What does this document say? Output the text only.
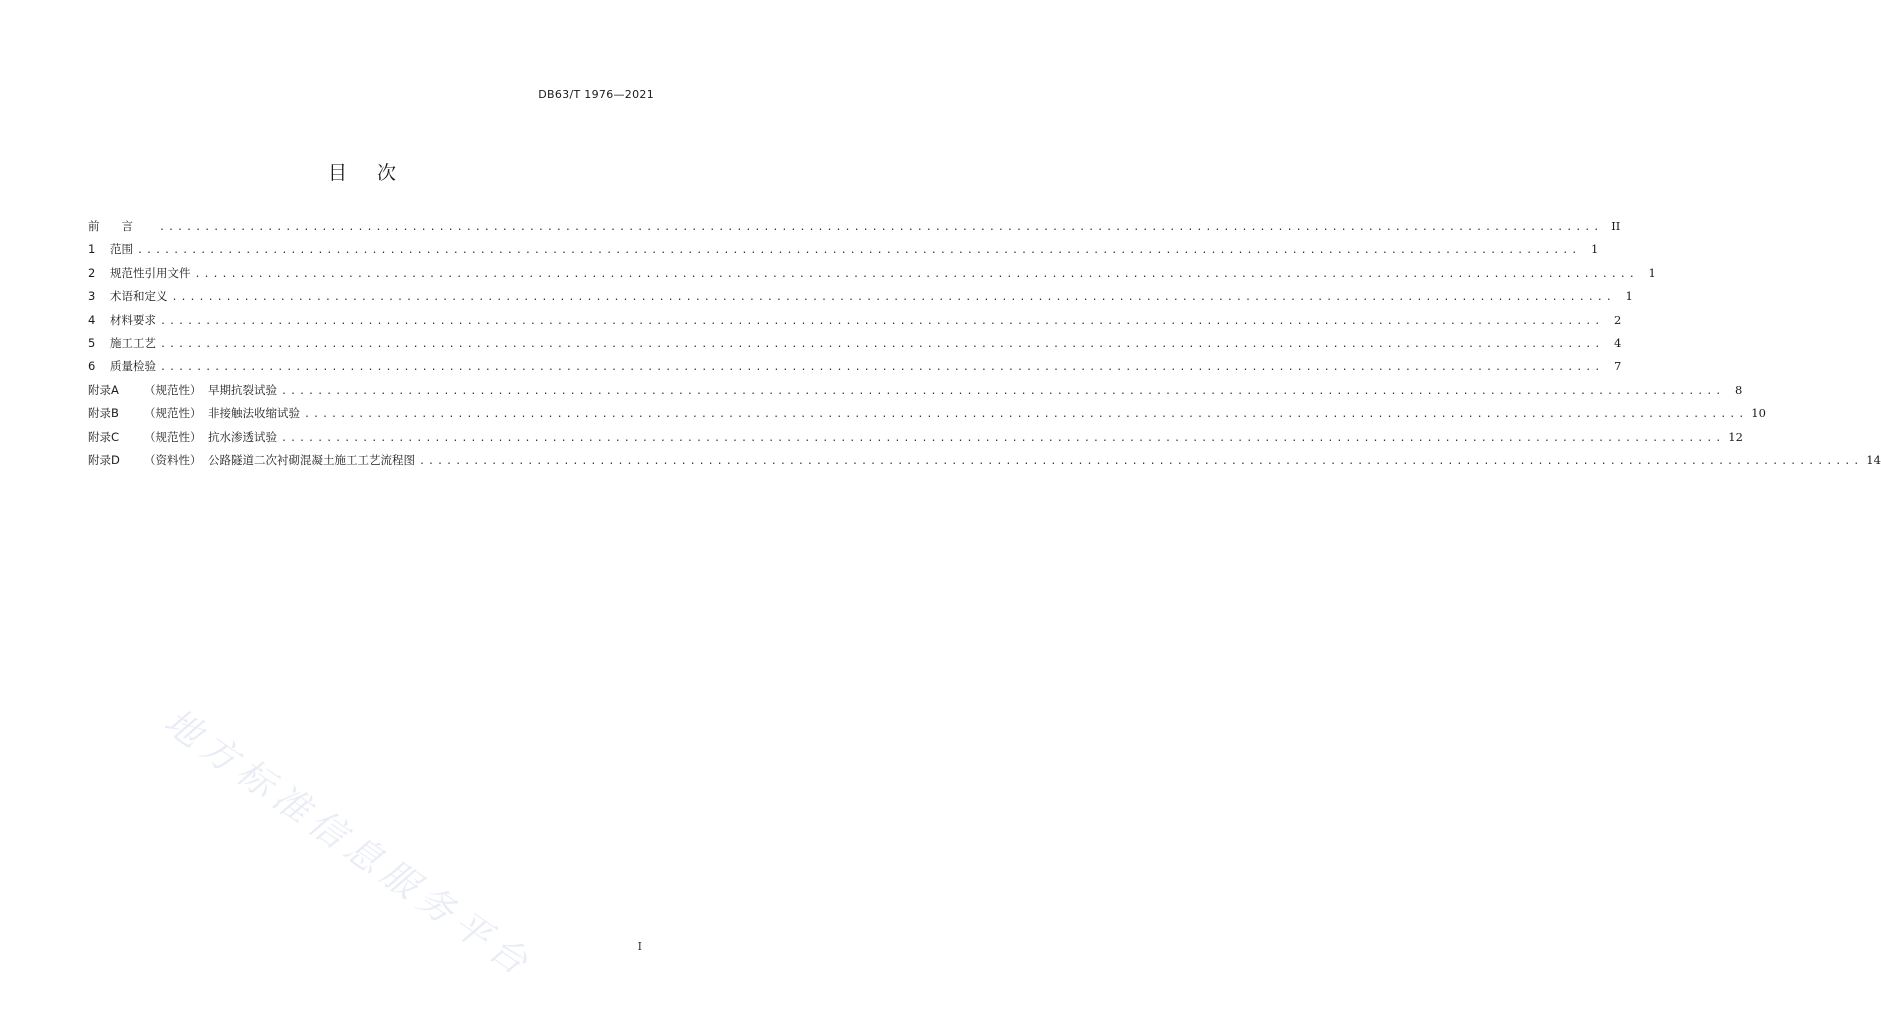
DB63/T 1976—2021
目次
前言 ................................................................................................................................................................ II
1	范围 ................................................................................................................................................................ 1
2	规范性引用文件 ................................................................................................................................................................ 1
3	术语和定义 ................................................................................................................................................................ 1
4	材料要求 ................................................................................................................................................................ 2
5	施工工艺 ................................................................................................................................................................ 4
6	质量检验 ................................................................................................................................................................ 7
附录A	（规范性） 早期抗裂试验 ................................................................................................................................................................ 8
附录B	（规范性） 非接触法收缩试验 ................................................................................................................................................................ 10
附录C	（规范性） 抗水渗透试验 ................................................................................................................................................................ 12
附录D	（资料性） 公路隧道二次衬砌混凝土施工工艺流程图 ................................................................................................................................................................ 14
地方标准信息服务平台	I
